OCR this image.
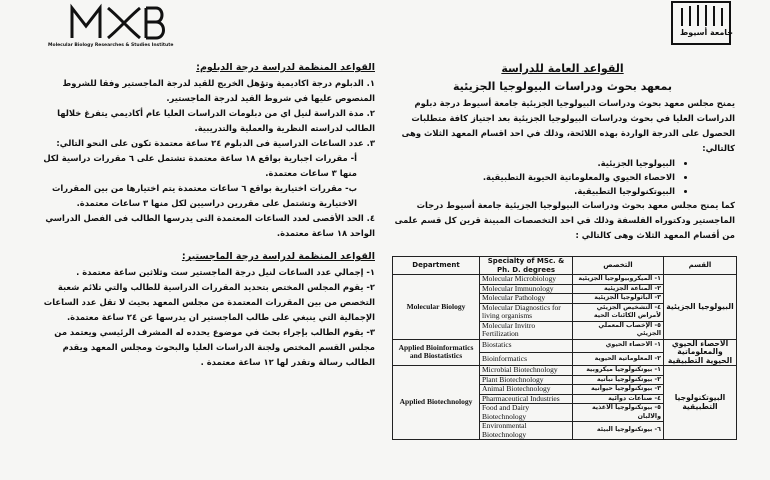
Molecular Biology Researches & Studies Institute
جامعة أسيوط

القواعد العامة للدراسة

بمعهد بحوث ودراسات البيولوجيا الجزيئية

يمنح مجلس معهد بحوث ودراسات البيولوجيا الجزيئية جامعة أسيوط درجة دبلوم الدراسات العليا في بحوث ودراسات البيولوجيا الجزيئية بعد اجتياز كافة متطلبات الحصول على الدرجة الواردة بهذه اللائحة، وذلك في احد اقسام المعهد الثلاث وهى كالتالي:

• البيولوجيا الجزيئية.
• الاحصاء الحيوي والمعلوماتية الحيوية التطبيقية.
• البيوتكنولوجيا التطبيقية.

كما يمنح مجلس معهد بحوث ودراسات البيولوجيا الجزيئية جامعة أسيوط درجات الماجستير ودكتوراه الفلسفة وذلك في احد التخصصات المبينة قرين كل قسم علمى من أقسام المعهد الثلاث وهى كالتالي :

Department	Specialty of MSc. & Ph. D. degrees	التخصص	القسم
Molecular Biology	Molecular Microbiology	١- الميكروبيولوجيا الجزيئية	البيولوجيا الجزيئية
	Molecular Immunology	٢- المناعة الجزيئية	
	Molecular Pathology	٣- الباثولوجيا الجزيئية	
	Molecular Diagnostics for living organisms	٤- التشخيص الجزيئي لأمراض الكائنات الحية	
	Molecular Invitro Fertilization	٥- الإخصاب المعملي الجزيئي	
Applied Bioinformatics and Biostatistics	Biostatics	١- الاحصاء الحيوي	الاحصاء الحيوي والمعلوماتية الحيوية التطبيقية
	Bioinformatics	٢- المعلوماتية الحيوية	
Applied Biotechnology	Microbial Biotechnology	١- بيوتكنولوجيا ميكروبية	البيوتكنولوجيا التطبيقية
	Plant Biotechnology	٢- بيوتكنولوجيا نباتية	
	Animal Biotechnology	٣- بيوتكنولوجيا حيوانية	
	Pharmaceutical Industries	٤- صناعات دوائية	
	Food and Dairy Biotechnology	٥- بيوتكنولوجيا الاغذية والالبان	
	Environmental Biotechnology	٦- بيوتكنولوجيا البيئة	

القواعد المنظمة لدراسة درجة الدبلوم:

١. الدبلوم درجة اكاديمية وتؤهل الخريج للقيد لدرجة الماجستير وفقا للشروط المنصوص عليها في شروط القيد لدرجة الماجستير.

٢. مدة الدراسة لنيل اي من دبلومات الدراسات العليا عام أكاديمي يتفرغ خلالها الطالب لدراسته النظرية والعملية والتدريبية.

٣. عدد الساعات الدراسية فى الدبلوم ٢٤ ساعة معتمدة تكون على النحو التالي:

أ- مقررات اجبارية بواقع ١٨ ساعة معتمدة تشتمل على ٦ مقررات دراسية لكل منها ٣ ساعات معتمدة.

ب- مقررات اختيارية بواقع ٦ ساعات معتمدة يتم اختيارها من بين المقررات الاختيارية وتشتمل على مقررين دراسيين لكل منها ٣ ساعات معتمدة.

٤. الحد الأقصى لعدد الساعات المعتمدة التى يدرسها الطالب فى الفصل الدراسي الواحد ١٨ ساعة معتمدة.

القواعد المنظمة لدراسة درجة الماجستير:

١- إجمالي عدد الساعات لنيل درجة الماجستير ست وثلاثين ساعة معتمدة .

٢- يقوم المجلس المختص بتحديد المقررات الدراسية للطالب والتي تلائم شعبة التخصص من بين المقررات المعتمدة من مجلس المعهد بحيث لا تقل عدد الساعات الإجمالية التي ينبغي على طالب الماجستير ان يدرسها عن ٢٤ ساعة معتمدة.

٣- يقوم الطالب بإجراء بحث في موضوع يحدده له المشرف الرئيسي ويعتمد من مجلس القسم المختص ولجنة الدراسات العليا والبحوث ومجلس المعهد ويقدم الطالب رسالة وتقدر لها ١٢ ساعة معتمدة .
